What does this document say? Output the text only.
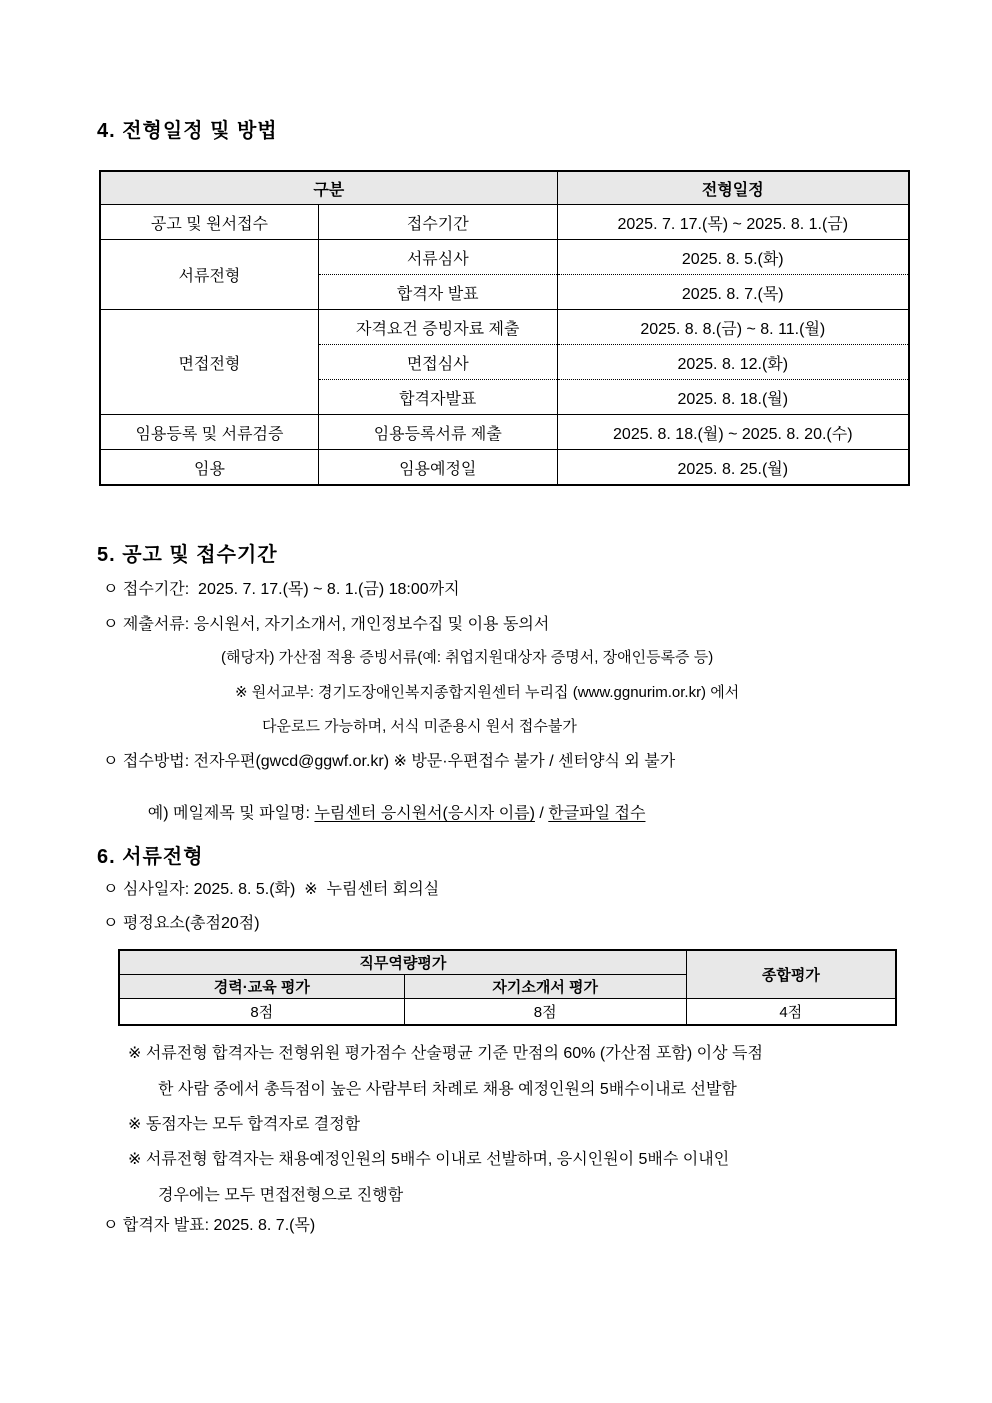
4. 전형일정 및 방법
구분		전형일정
공고 및 원서접수	접수기간	2025. 7. 17.(목) ~ 2025. 8. 1.(금)
서류전형	서류심사	2025. 8. 5.(화)
	합격자 발표	2025. 8. 7.(목)
면접전형	자격요건 증빙자료 제출	2025. 8. 8.(금) ~ 8. 11.(월)
	면접심사	2025. 8. 12.(화)
	합격자발표	2025. 8. 18.(월)
임용등록 및 서류검증	임용등록서류 제출	2025. 8. 18.(월) ~ 2025. 8. 20.(수)
임용	임용예정일	2025. 8. 25.(월)
5. 공고 및 접수기간
ㅇ 접수기간:  2025. 7. 17.(목) ~ 8. 1.(금) 18:00까지
ㅇ 제출서류: 응시원서, 자기소개서, 개인정보수집 및 이용 동의서
(해당자) 가산점 적용 증빙서류(예: 취업지원대상자 증명서, 장애인등록증 등)
※ 원서교부: 경기도장애인복지종합지원센터 누리집 (www.ggnurim.or.kr) 에서
다운로드 가능하며, 서식 미준용시 원서 접수불가
ㅇ 접수방법: 전자우편(gwcd@ggwf.or.kr) ※ 방문·우편접수 불가 / 센터양식 외 불가

예) 메일제목 및 파일명: 누림센터 응시원서(응시자 이름) / 한글파일 접수

6. 서류전형
ㅇ 심사일자: 2025. 8. 5.(화)  ※  누림센터 회의실
ㅇ 평정요소(총점20점)
직무역량평가		종합평가
경력·교육 평가	자기소개서 평가	
8점	8점	4점
※ 서류전형 합격자는 전형위원 평가점수 산술평균 기준 만점의 60% (가산점 포함) 이상 득점
한 사람 중에서 총득점이 높은 사람부터 차례로 채용 예정인원의 5배수이내로 선발함
※ 동점자는 모두 합격자로 결정함
※ 서류전형 합격자는 채용예정인원의 5배수 이내로 선발하며, 응시인원이 5배수 이내인
경우에는 모두 면접전형으로 진행함
ㅇ 합격자 발표: 2025. 8. 7.(목)
